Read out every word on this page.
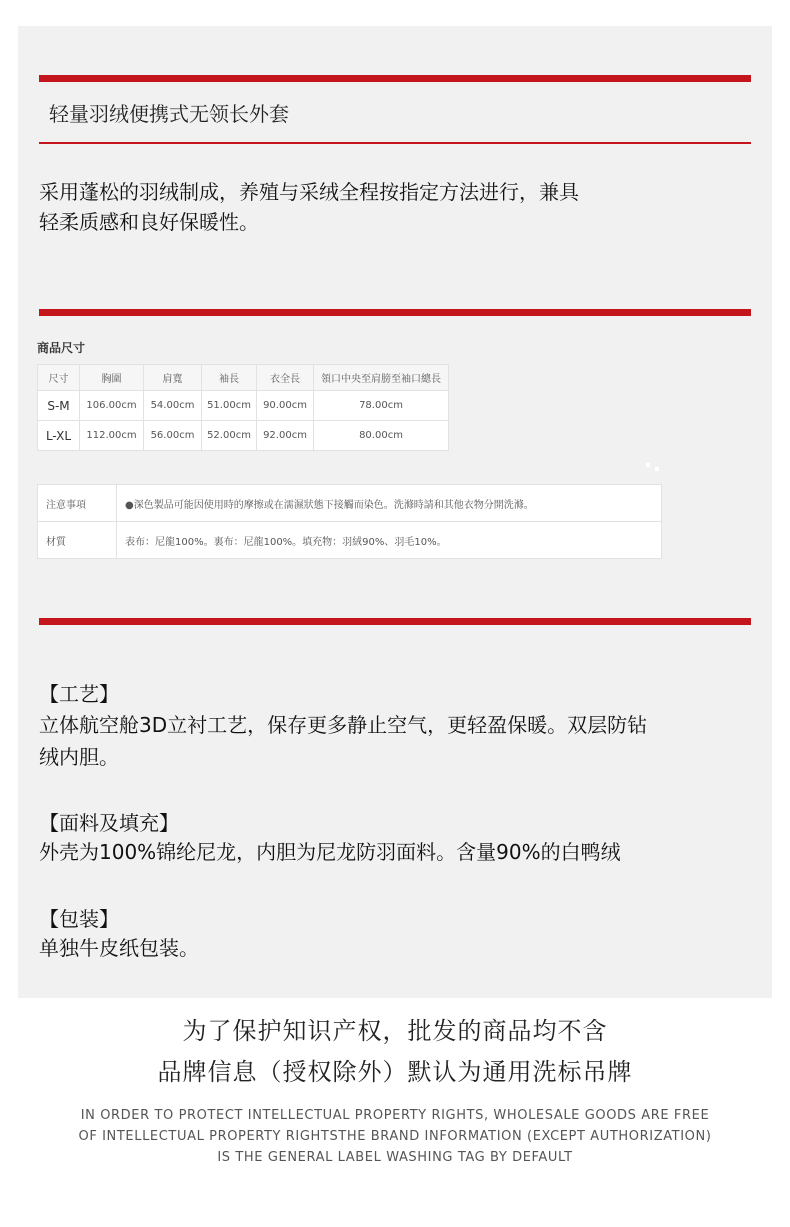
轻量羽绒便携式无领长外套
采用蓬松的羽绒制成，养殖与采绒全程按指定方法进行，兼具
轻柔质感和良好保暖性。
商品尺寸
尺寸	胸圍	肩寬	袖長	衣全長	領口中央至肩膀至袖口總長
S-M	106.00cm	54.00cm	51.00cm	90.00cm	78.00cm
L-XL	112.00cm	56.00cm	52.00cm	92.00cm	80.00cm
注意事項	●深色製品可能因使用時的摩擦或在濡濕狀態下接觸而染色。洗滌時請和其他衣物分開洗滌。
材質	表布：尼龍100%。裏布：尼龍100%。填充物：羽絨90%、羽毛10%。
【工艺】
立体航空舱3D立衬工艺，保存更多静止空气，更轻盈保暖。双层防钻
绒内胆。
【面料及填充】
外壳为100%锦纶尼龙，内胆为尼龙防羽面料。含量90%的白鸭绒
【包装】
单独牛皮纸包装。
为了保护知识产权，批发的商品均不含
品牌信息（授权除外）默认为通用洗标吊牌
IN ORDER TO PROTECT INTELLECTUAL PROPERTY RIGHTS, WHOLESALE GOODS ARE FREE
OF INTELLECTUAL PROPERTY RIGHTSTHE BRAND INFORMATION (EXCEPT AUTHORIZATION)
IS THE GENERAL LABEL WASHING TAG BY DEFAULT
